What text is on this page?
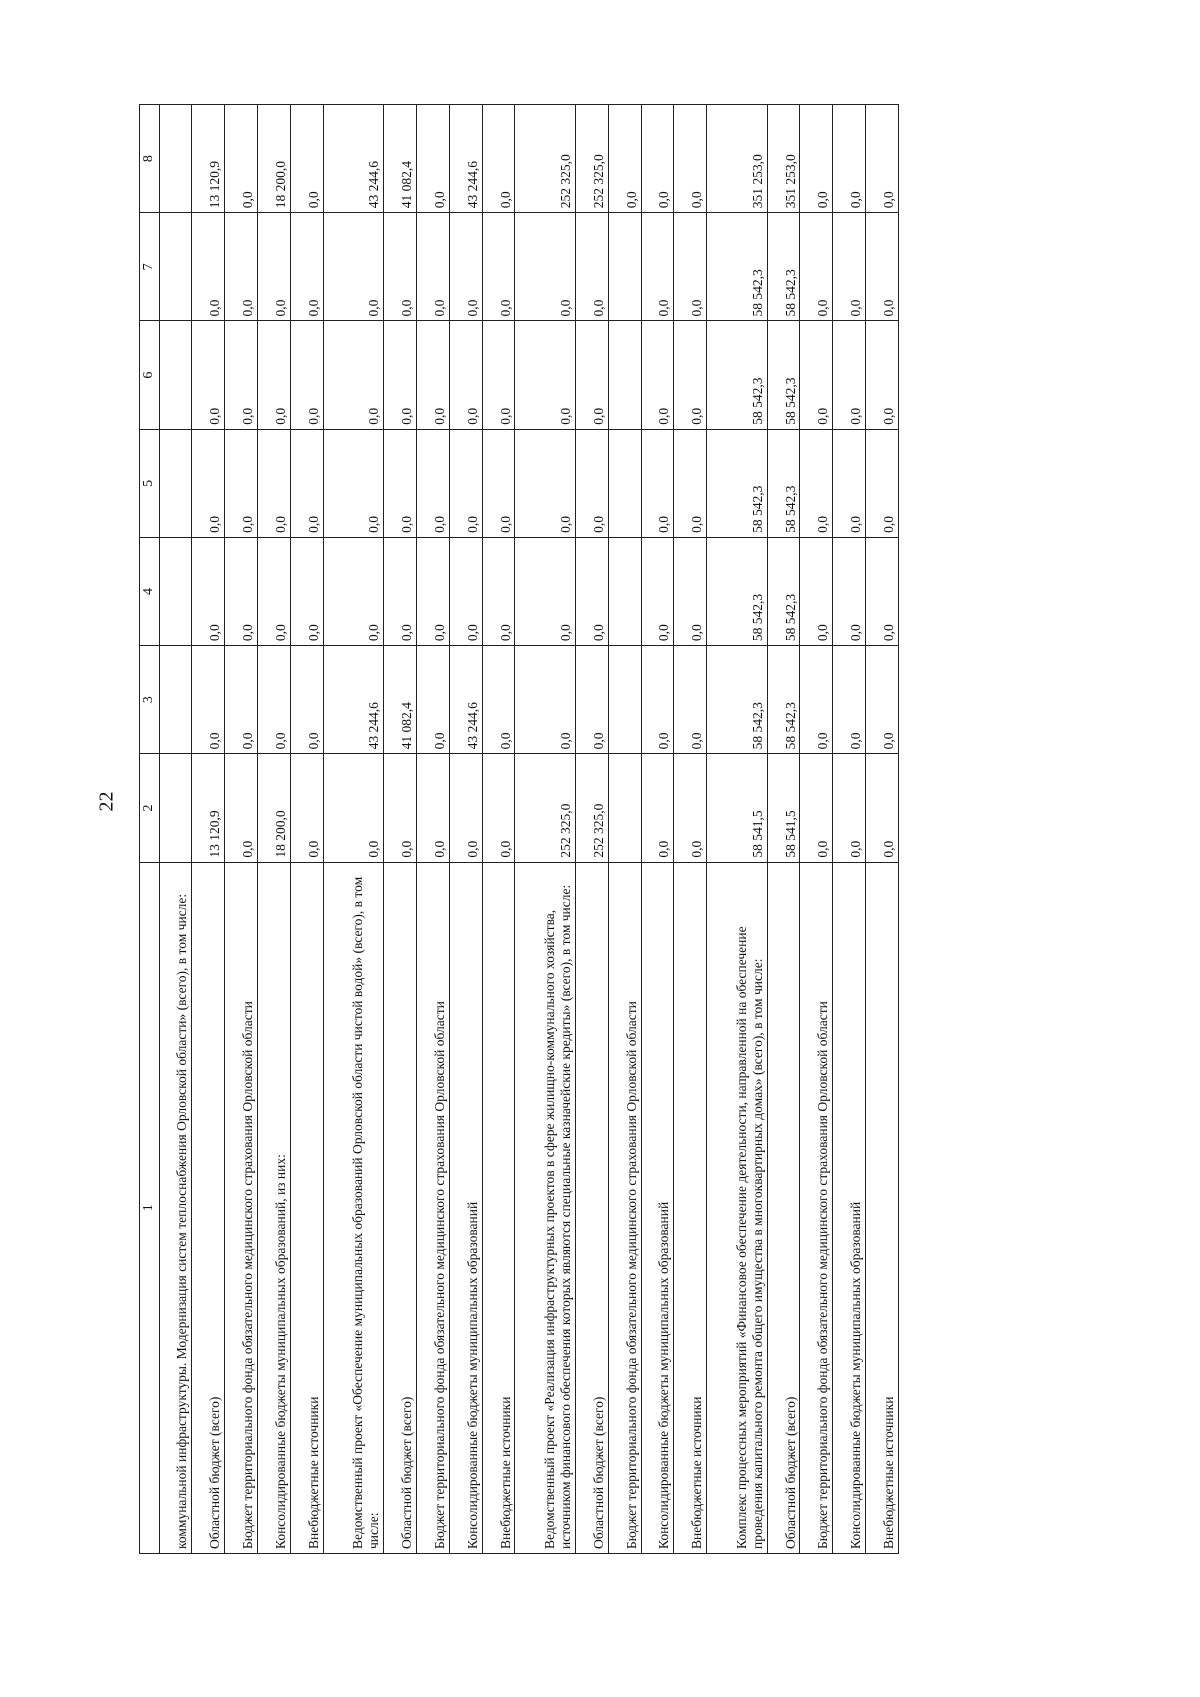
22
1	2	3	4	5	6	7	8
коммунальной инфраструктуры. Модернизация систем теплоснабжения Орловской области» (всего), в том числе:							
Областной бюджет (всего)	13 120,9	0,0	0,0	0,0	0,0	0,0	13 120,9
Бюджет территориального фонда обязательного медицинского страхования Орловской области	0,0	0,0	0,0	0,0	0,0	0,0	0,0
Консолидированные бюджеты муниципальных образований, из них:	18 200,0	0,0	0,0	0,0	0,0	0,0	18 200,0
Внебюджетные источники	0,0	0,0	0,0	0,0	0,0	0,0	0,0
Ведомственный проект «Обеспечение муниципальных образований Орловской области чистой водой» (всего), в том числе:	0,0	43 244,6	0,0	0,0	0,0	0,0	43 244,6
Областной бюджет (всего)	0,0	41 082,4	0,0	0,0	0,0	0,0	41 082,4
Бюджет территориального фонда обязательного медицинского страхования Орловской области	0,0	0,0	0,0	0,0	0,0	0,0	0,0
Консолидированные бюджеты муниципальных образований	0,0	43 244,6	0,0	0,0	0,0	0,0	43 244,6
Внебюджетные источники	0,0	0,0	0,0	0,0	0,0	0,0	0,0
Ведомственный проект «Реализация инфраструктурных проектов в сфере жилищно-коммунального хозяйства, источником финансового обеспечения которых являются специальные казначейские кредиты» (всего), в том числе:	252 325,0	0,0	0,0	0,0	0,0	0,0	252 325,0
Областной бюджет (всего)	252 325,0	0,0	0,0	0,0	0,0	0,0	252 325,0
Бюджет территориального фонда обязательного медицинского страхования Орловской области							0,0
Консолидированные бюджеты муниципальных образований	0,0	0,0	0,0	0,0	0,0	0,0	0,0
Внебюджетные источники	0,0	0,0	0,0	0,0	0,0	0,0	0,0
Комплекс процессных мероприятий «Финансовое обеспечение деятельности, направленной на обеспечение проведения капитального ремонта общего имущества в многоквартирных домах» (всего), в том числе:	58 541,5	58 542,3	58 542,3	58 542,3	58 542,3	58 542,3	351 253,0
Областной бюджет (всего)	58 541,5	58 542,3	58 542,3	58 542,3	58 542,3	58 542,3	351 253,0
Бюджет территориального фонда обязательного медицинского страхования Орловской области	0,0	0,0	0,0	0,0	0,0	0,0	0,0
Консолидированные бюджеты муниципальных образований	0,0	0,0	0,0	0,0	0,0	0,0	0,0
Внебюджетные источники	0,0	0,0	0,0	0,0	0,0	0,0	0,0
